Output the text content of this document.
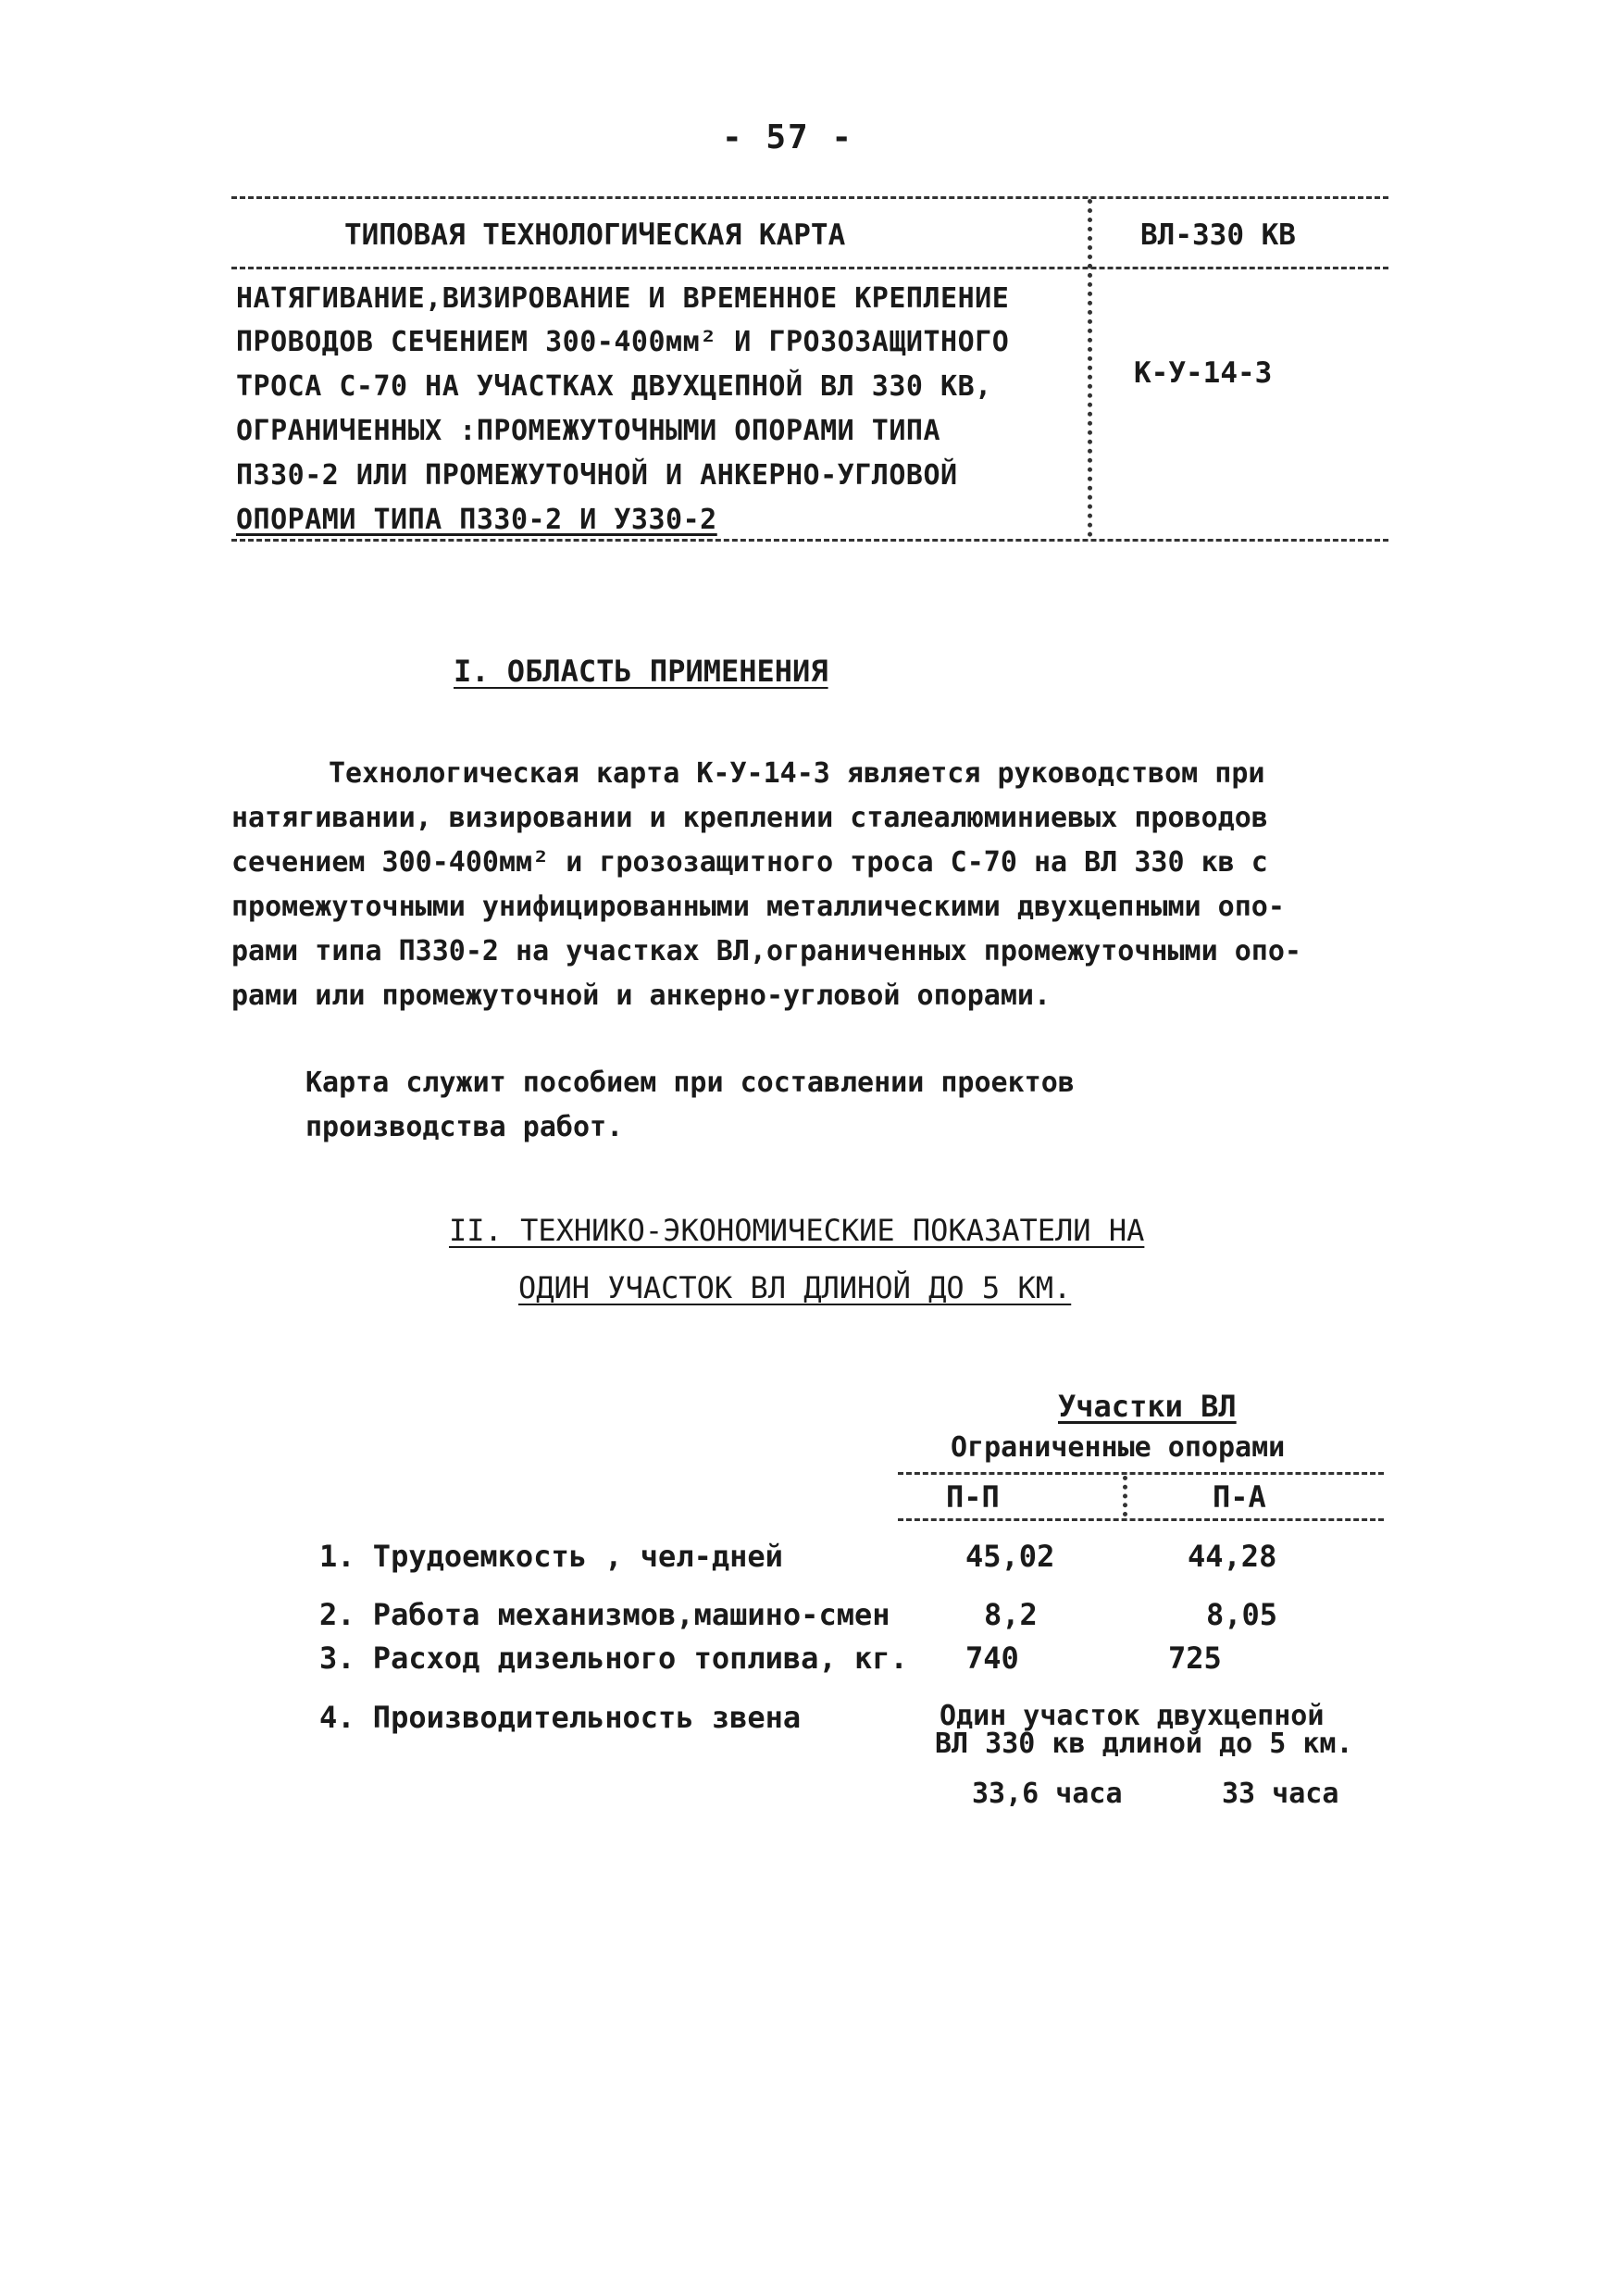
- 57 -
ТИПОВАЯ ТЕХНОЛОГИЧЕСКАЯ КАРТА	ВЛ-330 КВ
К-У-14-3
НАТЯГИВАНИЕ,ВИЗИРОВАНИЕ И ВРЕМЕННОЕ КРЕПЛЕНИЕ
ПРОВОДОВ СЕЧЕНИЕМ 300-400мм² И ГРОЗОЗАЩИТНОГО
ТРОСА С-70 НА УЧАСТКАХ ДВУХЦЕПНОЙ ВЛ 330 КВ,
ОГРАНИЧЕННЫХ :ПРОМЕЖУТОЧНЫМИ ОПОРАМИ ТИПА
П330-2 ИЛИ ПРОМЕЖУТОЧНОЙ И АНКЕРНО-УГЛОВОЙ
ОПОРАМИ ТИПА П330-2 И У330-2
I. ОБЛАСТЬ ПРИМЕНЕНИЯ
Технологическая карта К-У-14-3 является руководством при
натягивании, визировании и креплении сталеалюминиевых проводов
сечением 300-400мм² и грозозащитного троса С-70 на ВЛ 330 кв с
промежуточными унифицированными металлическими двухцепными опо-
рами типа П330-2 на участках ВЛ,ограниченных промежуточными опо-
рами или промежуточной и анкерно-угловой опорами.
Карта служит пособием при составлении проектов
производства работ.
II. ТЕХНИКО-ЭКОНОМИЧЕСКИЕ ПОКАЗАТЕЛИ НА
ОДИН УЧАСТОК ВЛ ДЛИНОЙ ДО 5 КМ.
Участки ВЛ
Ограниченные опорами
П-П	П-А
1. Трудоемкость , чел-дней	45,02	44,28
2. Работа механизмов,машино-смен	8,2	8,05
3. Расход дизельного топлива, кг. 740	725
4. Производительность звена	Один участок двухцепной
ВЛ 330 кв длиной до 5 км.
33,6 часа	33 часа
